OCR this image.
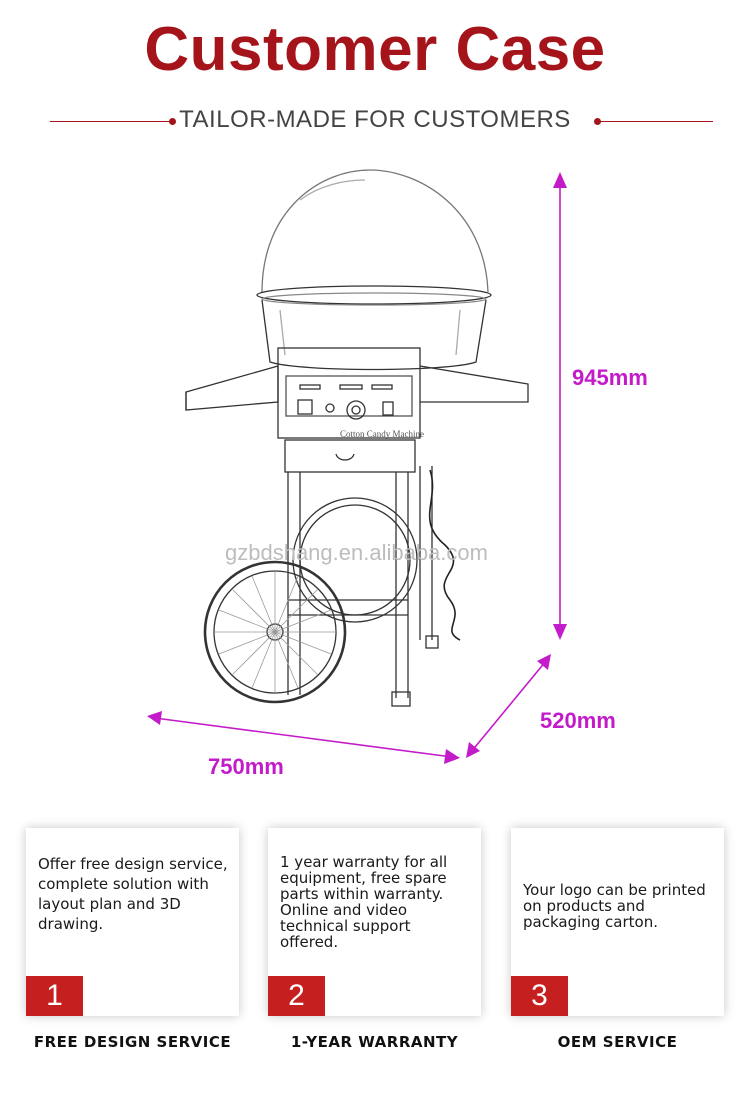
Customer Case
TAILOR-MADE FOR CUSTOMERS
Cotton Candy Machine
gzbdshang.en.alibaba.com
945mm
520mm
750mm
Offer free design service,
complete solution with layout plan and 3D drawing.
1
1 year warranty for all equipment, free spare parts within warranty. Online and video technical support offered.
2
Your logo can be printed on products and packaging carton.
3
FREE DESIGN SERVICE	1-YEAR WARRANTY	OEM SERVICE
